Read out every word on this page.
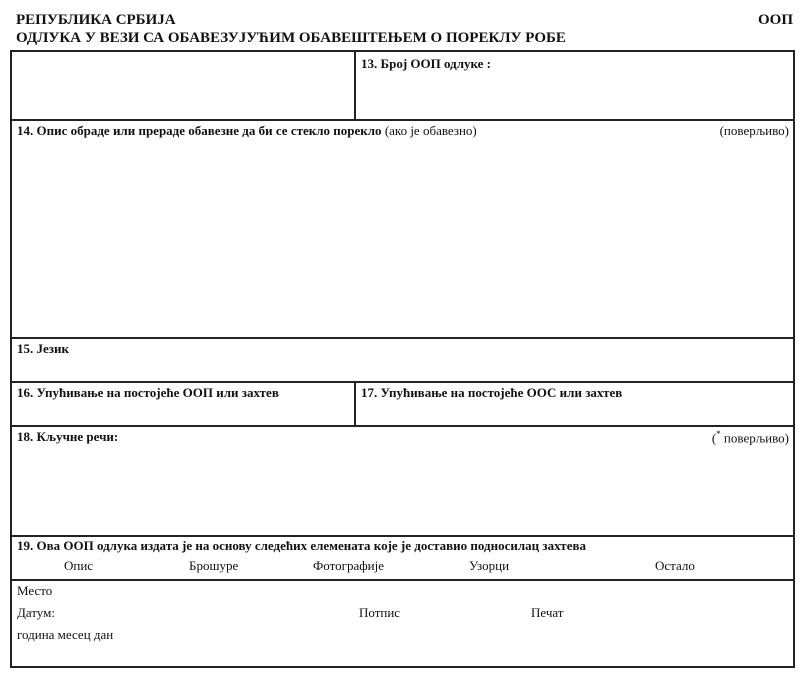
РЕПУБЛИКА СРБИЈА
ОДЛУКА У ВЕЗИ СА ОБАВЕЗУЈУЋИМ ОБАВЕШТЕЊЕМ О ПОРЕКЛУ РОБЕ
ООП
13. Број ООП одлуке :
14. Опис обраде или прераде обавезне да би се стекло порекло (ако је обавезно)	(поверљиво)
15. Језик
16. Упућивање на постојеће ООП или захтев	17. Упућивање на постојеће ООС или захтев
18. Кључне речи:	(* поверљиво)
19. Ова ООП одлука издата је на основу следећих елемената које је доставио подносилац захтева
Опис	Брошуре	Фотографије	Узорци	Остало
Место
Датум:	Потпис	Печат
година месец дан
